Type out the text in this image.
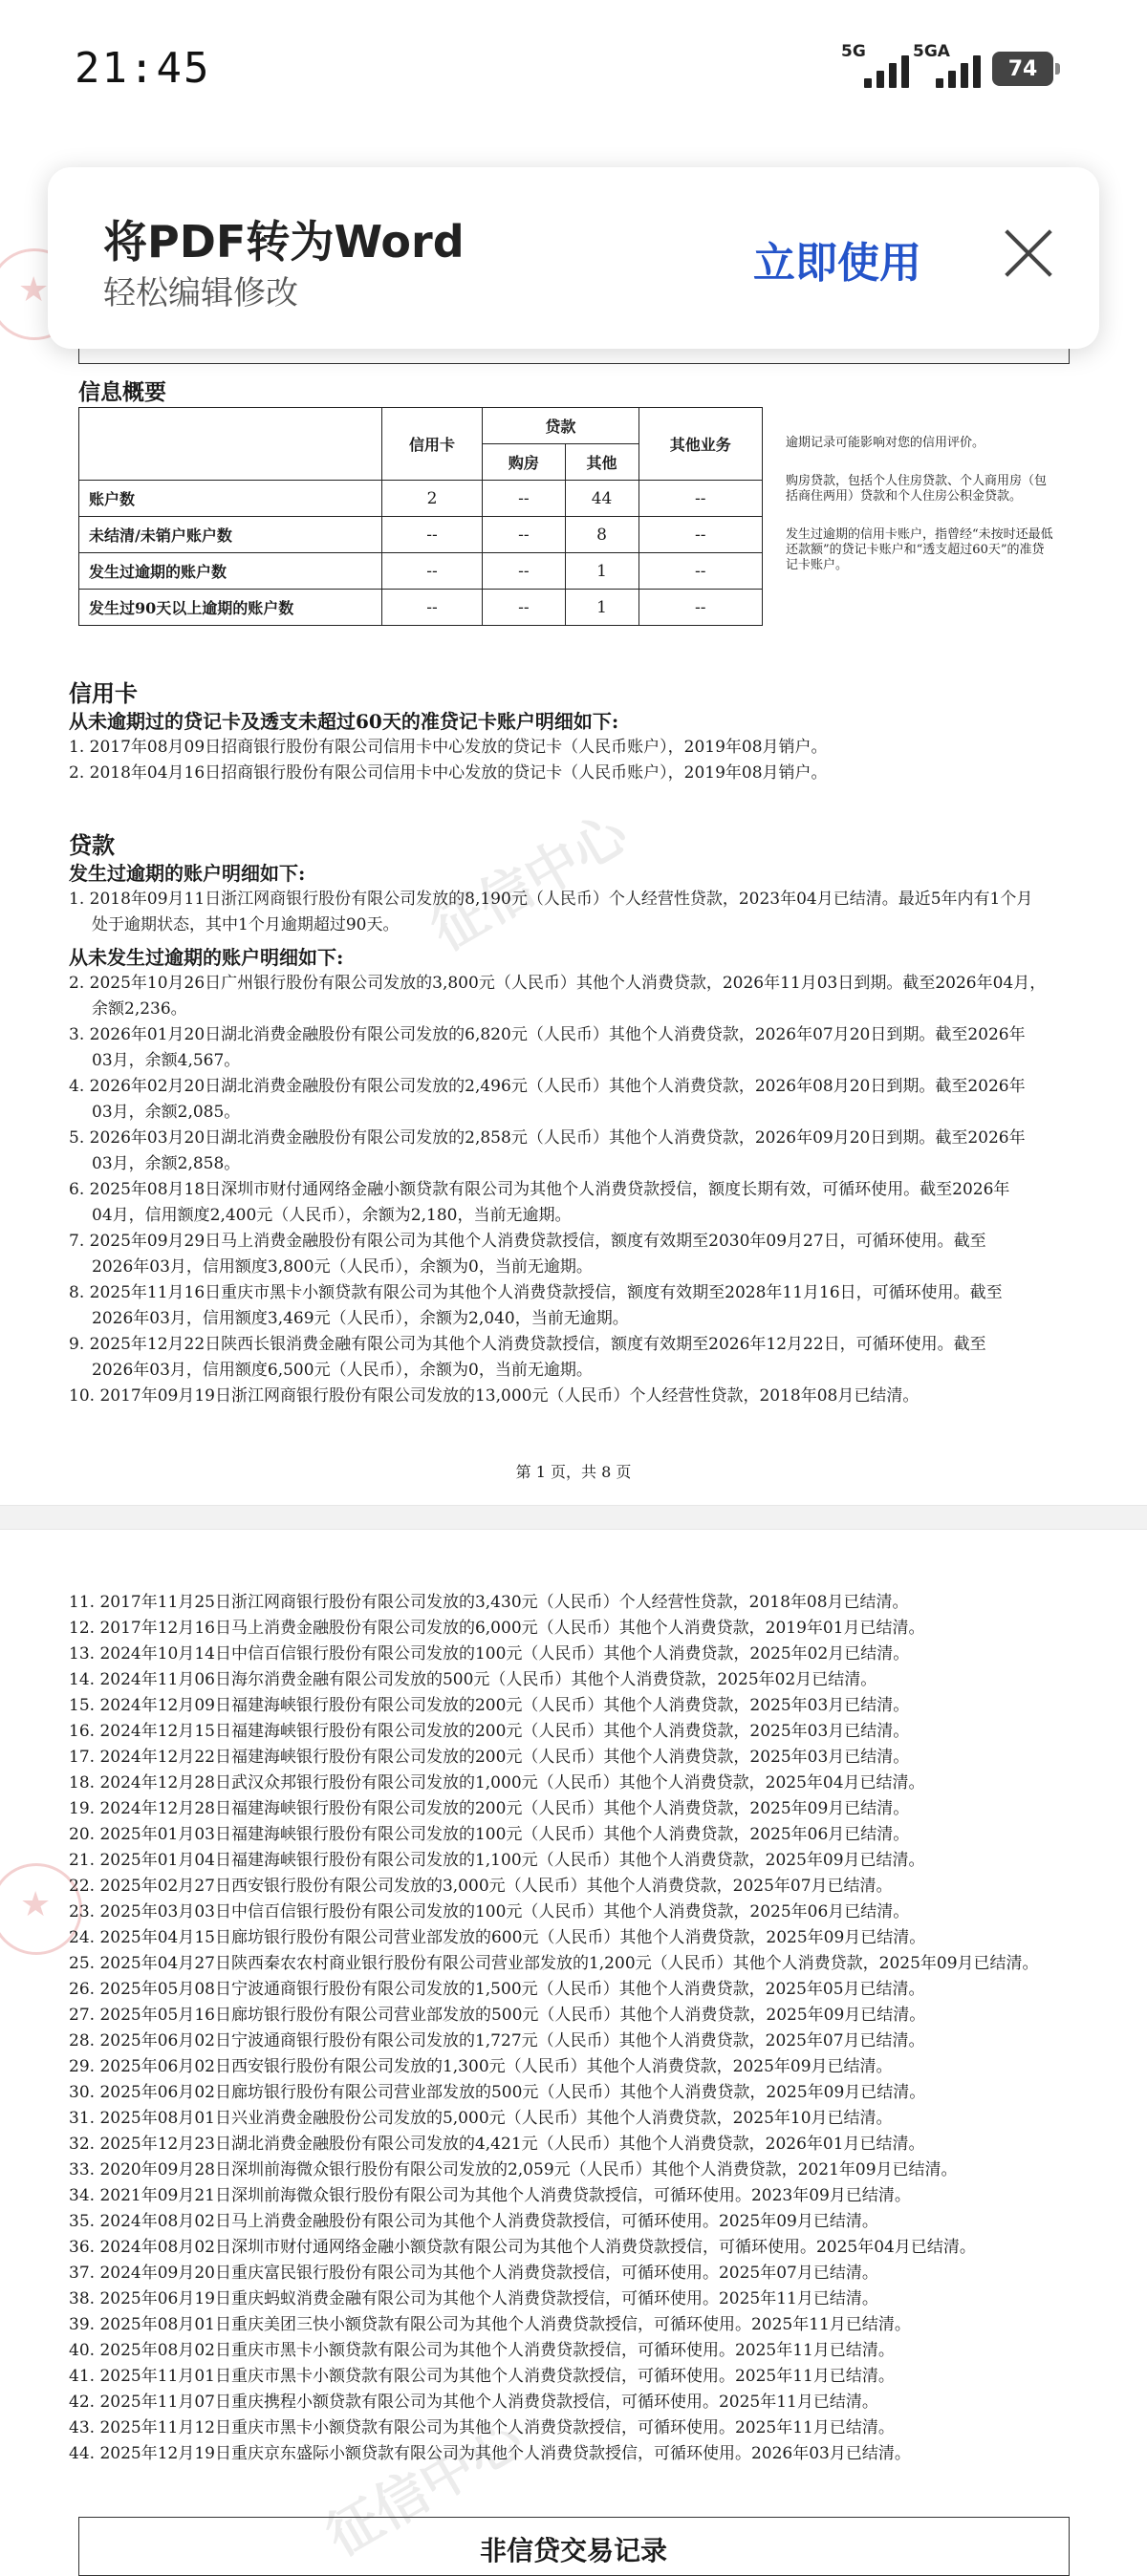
21:45	5G	5GA
74
★
★
征信中心
征信中心
将PDF转为Word
轻松编辑修改
立即使用
信息概要
	信用卡	贷款		其他业务
		购房	其他	
账户数	2	--	44	--
未结清/未销户账户数	--	--	8	--
发生过逾期的账户数	--	--	1	--
发生过90天以上逾期的账户数	--	--	1	--

逾期记录可能影响对您的信用评价。

购房贷款，包括个人住房贷款、个人商用房（包括商住两用）贷款和个人住房公积金贷款。

发生过逾期的信用卡账户，指曾经“未按时还最低还款额”的贷记卡账户和“透支超过60天”的准贷记卡账户。

信用卡
从未逾期过的贷记卡及透支未超过60天的准贷记卡账户明细如下:
1. 2017年08月09日招商银行股份有限公司信用卡中心发放的贷记卡（人民币账户），2019年08月销户。
2. 2018年04月16日招商银行股份有限公司信用卡中心发放的贷记卡（人民币账户），2019年08月销户。
贷款
发生过逾期的账户明细如下:
1. 2018年09月11日浙江网商银行股份有限公司发放的8,190元（人民币）个人经营性贷款，2023年04月已结清。最近5年内有1个月
处于逾期状态，其中1个月逾期超过90天。
从未发生过逾期的账户明细如下:
2. 2025年10月26日广州银行股份有限公司发放的3,800元（人民币）其他个人消费贷款，2026年11月03日到期。截至2026年04月，
余额2,236。
3. 2026年01月20日湖北消费金融股份有限公司发放的6,820元（人民币）其他个人消费贷款，2026年07月20日到期。截至2026年
03月，余额4,567。
4. 2026年02月20日湖北消费金融股份有限公司发放的2,496元（人民币）其他个人消费贷款，2026年08月20日到期。截至2026年
03月，余额2,085。
5. 2026年03月20日湖北消费金融股份有限公司发放的2,858元（人民币）其他个人消费贷款，2026年09月20日到期。截至2026年
03月，余额2,858。
6. 2025年08月18日深圳市财付通网络金融小额贷款有限公司为其他个人消费贷款授信，额度长期有效，可循环使用。截至2026年
04月，信用额度2,400元（人民币），余额为2,180，当前无逾期。
7. 2025年09月29日马上消费金融股份有限公司为其他个人消费贷款授信，额度有效期至2030年09月27日，可循环使用。截至
2026年03月，信用额度3,800元（人民币），余额为0，当前无逾期。
8. 2025年11月16日重庆市黑卡小额贷款有限公司为其他个人消费贷款授信，额度有效期至2028年11月16日，可循环使用。截至
2026年03月，信用额度3,469元（人民币），余额为2,040，当前无逾期。
9. 2025年12月22日陕西长银消费金融有限公司为其他个人消费贷款授信，额度有效期至2026年12月22日，可循环使用。截至
2026年03月，信用额度6,500元（人民币），余额为0，当前无逾期。
10. 2017年09月19日浙江网商银行股份有限公司发放的13,000元（人民币）个人经营性贷款，2018年08月已结清。
第 1 页，共 8 页
11. 2017年11月25日浙江网商银行股份有限公司发放的3,430元（人民币）个人经营性贷款，2018年08月已结清。
12. 2017年12月16日马上消费金融股份有限公司发放的6,000元（人民币）其他个人消费贷款，2019年01月已结清。
13. 2024年10月14日中信百信银行股份有限公司发放的100元（人民币）其他个人消费贷款，2025年02月已结清。
14. 2024年11月06日海尔消费金融有限公司发放的500元（人民币）其他个人消费贷款，2025年02月已结清。
15. 2024年12月09日福建海峡银行股份有限公司发放的200元（人民币）其他个人消费贷款，2025年03月已结清。
16. 2024年12月15日福建海峡银行股份有限公司发放的200元（人民币）其他个人消费贷款，2025年03月已结清。
17. 2024年12月22日福建海峡银行股份有限公司发放的200元（人民币）其他个人消费贷款，2025年03月已结清。
18. 2024年12月28日武汉众邦银行股份有限公司发放的1,000元（人民币）其他个人消费贷款，2025年04月已结清。
19. 2024年12月28日福建海峡银行股份有限公司发放的200元（人民币）其他个人消费贷款，2025年09月已结清。
20. 2025年01月03日福建海峡银行股份有限公司发放的100元（人民币）其他个人消费贷款，2025年06月已结清。
21. 2025年01月04日福建海峡银行股份有限公司发放的1,100元（人民币）其他个人消费贷款，2025年09月已结清。
22. 2025年02月27日西安银行股份有限公司发放的3,000元（人民币）其他个人消费贷款，2025年07月已结清。
23. 2025年03月03日中信百信银行股份有限公司发放的100元（人民币）其他个人消费贷款，2025年06月已结清。
24. 2025年04月15日廊坊银行股份有限公司营业部发放的600元（人民币）其他个人消费贷款，2025年09月已结清。
25. 2025年04月27日陕西秦农农村商业银行股份有限公司营业部发放的1,200元（人民币）其他个人消费贷款，2025年09月已结清。
26. 2025年05月08日宁波通商银行股份有限公司发放的1,500元（人民币）其他个人消费贷款，2025年05月已结清。
27. 2025年05月16日廊坊银行股份有限公司营业部发放的500元（人民币）其他个人消费贷款，2025年09月已结清。
28. 2025年06月02日宁波通商银行股份有限公司发放的1,727元（人民币）其他个人消费贷款，2025年07月已结清。
29. 2025年06月02日西安银行股份有限公司发放的1,300元（人民币）其他个人消费贷款，2025年09月已结清。
30. 2025年06月02日廊坊银行股份有限公司营业部发放的500元（人民币）其他个人消费贷款，2025年09月已结清。
31. 2025年08月01日兴业消费金融股份公司发放的5,000元（人民币）其他个人消费贷款，2025年10月已结清。
32. 2025年12月23日湖北消费金融股份有限公司发放的4,421元（人民币）其他个人消费贷款，2026年01月已结清。
33. 2020年09月28日深圳前海微众银行股份有限公司发放的2,059元（人民币）其他个人消费贷款，2021年09月已结清。
34. 2021年09月21日深圳前海微众银行股份有限公司为其他个人消费贷款授信，可循环使用。2023年09月已结清。
35. 2024年08月02日马上消费金融股份有限公司为其他个人消费贷款授信，可循环使用。2025年09月已结清。
36. 2024年08月02日深圳市财付通网络金融小额贷款有限公司为其他个人消费贷款授信，可循环使用。2025年04月已结清。
37. 2024年09月20日重庆富民银行股份有限公司为其他个人消费贷款授信，可循环使用。2025年07月已结清。
38. 2025年06月19日重庆蚂蚁消费金融有限公司为其他个人消费贷款授信，可循环使用。2025年11月已结清。
39. 2025年08月01日重庆美团三快小额贷款有限公司为其他个人消费贷款授信，可循环使用。2025年11月已结清。
40. 2025年08月02日重庆市黑卡小额贷款有限公司为其他个人消费贷款授信，可循环使用。2025年11月已结清。
41. 2025年11月01日重庆市黑卡小额贷款有限公司为其他个人消费贷款授信，可循环使用。2025年11月已结清。
42. 2025年11月07日重庆携程小额贷款有限公司为其他个人消费贷款授信，可循环使用。2025年11月已结清。
43. 2025年11月12日重庆市黑卡小额贷款有限公司为其他个人消费贷款授信，可循环使用。2025年11月已结清。
44. 2025年12月19日重庆京东盛际小额贷款有限公司为其他个人消费贷款授信，可循环使用。2026年03月已结清。
非信贷交易记录
